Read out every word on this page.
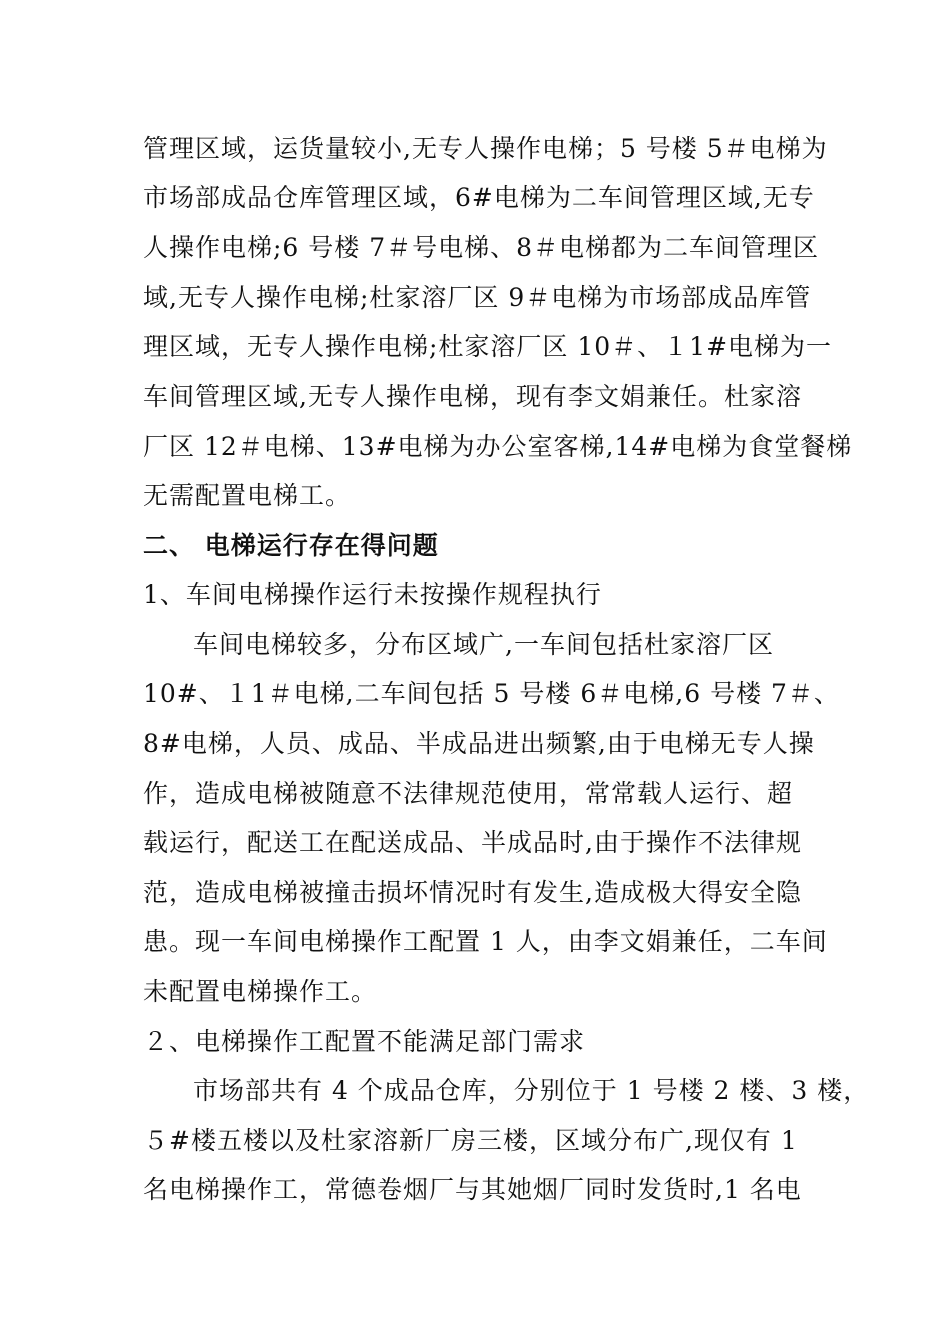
管理区域，运货量较小,无专人操作电梯；5 号楼 5＃电梯为
市场部成品仓库管理区域，6#电梯为二车间管理区域,无专
人操作电梯;6 号楼 7＃号电梯、8＃电梯都为二车间管理区
域,无专人操作电梯;杜家溶厂区 9＃电梯为市场部成品库管
理区域，无专人操作电梯;杜家溶厂区 10＃、１1#电梯为一
车间管理区域,无专人操作电梯，现有李文娟兼任。杜家溶
厂区 12＃电梯、13#电梯为办公室客梯,14#电梯为食堂餐梯
无需配置电梯工。
二、 电梯运行存在得问题
1、车间电梯操作运行未按操作规程执行
车间电梯较多，分布区域广,一车间包括杜家溶厂区
10#、１1＃电梯,二车间包括 5 号楼 6＃电梯,6 号楼 7＃、
8#电梯，人员、成品、半成品进出频繁,由于电梯无专人操
作，造成电梯被随意不法律规范使用，常常载人运行、超
载运行，配送工在配送成品、半成品时,由于操作不法律规
范，造成电梯被撞击损坏情况时有发生,造成极大得安全隐
患。现一车间电梯操作工配置 1 人，由李文娟兼任，二车间
未配置电梯操作工。
２、电梯操作工配置不能满足部门需求
市场部共有 4 个成品仓库，分别位于 1 号楼 2 楼、3 楼，
５#楼五楼以及杜家溶新厂房三楼，区域分布广,现仅有 1
名电梯操作工，常德卷烟厂与其她烟厂同时发货时,1 名电
